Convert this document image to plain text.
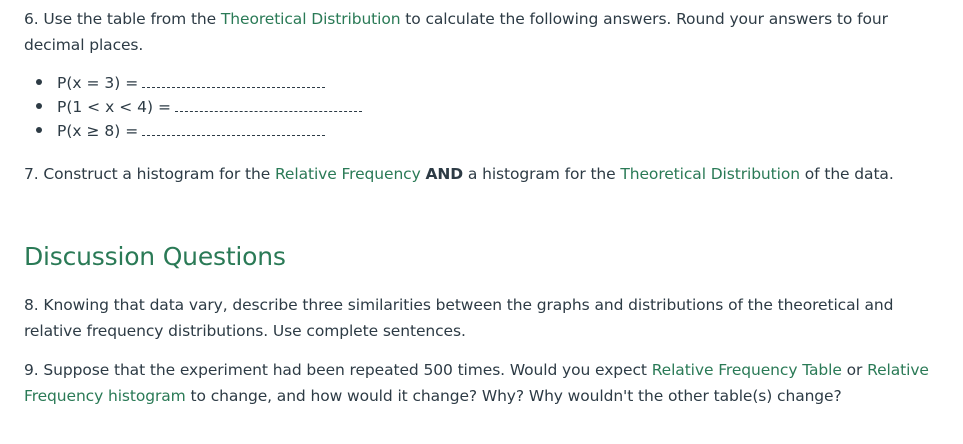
6. Use the table from the Theoretical Distribution to calculate the following answers. Round your answers to four decimal places.

P(x = 3) =
P(1 < x < 4) =
P(x ≥ 8) =

7. Construct a histogram for the Relative Frequency AND a histogram for the Theoretical Distribution of the data.

Discussion Questions

8. Knowing that data vary, describe three similarities between the graphs and distributions of the theoretical and relative frequency distributions. Use complete sentences.

9. Suppose that the experiment had been repeated 500 times. Would you expect Relative Frequency Table or Relative Frequency histogram to change, and how would it change? Why? Why wouldn't the other table(s) change?
